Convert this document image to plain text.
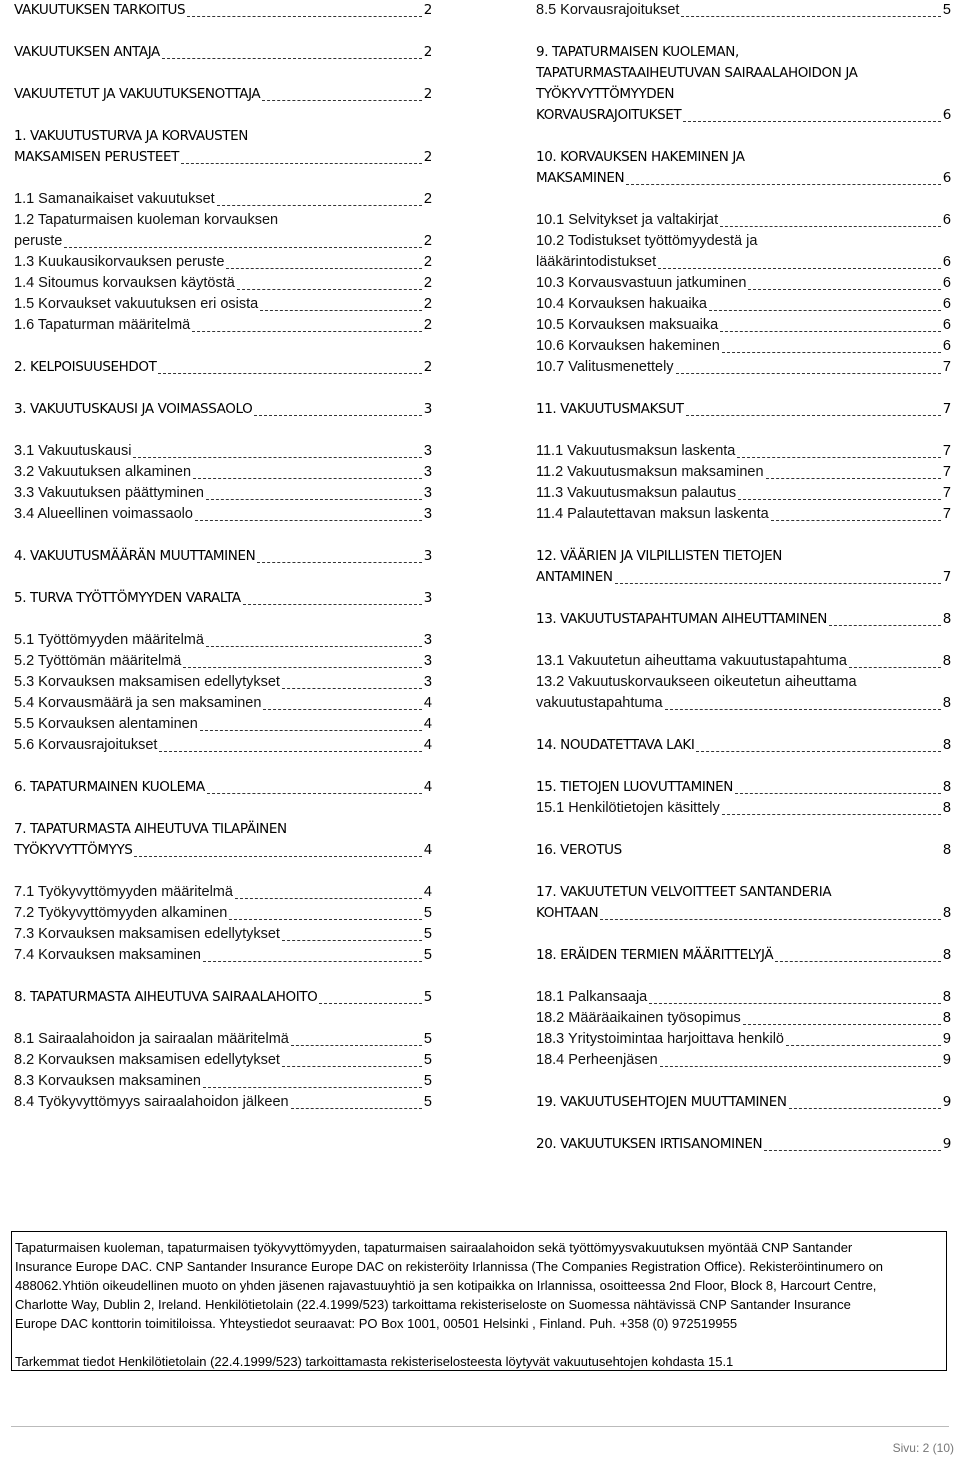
VAKUUTUKSEN TARKOITUS	2
VAKUUTUKSEN ANTAJA	2
VAKUUTETUT JA VAKUUTUKSENOTTAJA	2
1. VAKUUTUSTURVA JA KORVAUSTEN
MAKSAMISEN PERUSTEET	2
1.1 Samanaikaiset vakuutukset	2
1.2 Tapaturmaisen kuoleman korvauksen
peruste	2
1.3 Kuukausikorvauksen peruste	2
1.4 Sitoumus korvauksen käytöstä	2
1.5 Korvaukset vakuutuksen eri osista	2
1.6 Tapaturman määritelmä	2
2. KELPOISUUSEHDOT	2
3. VAKUUTUSKAUSI JA VOIMASSAOLO	3
3.1 Vakuutuskausi	3
3.2 Vakuutuksen alkaminen	3
3.3 Vakuutuksen päättyminen	3
3.4 Alueellinen voimassaolo	3
4. VAKUUTUSMÄÄRÄN MUUTTAMINEN	3
5. TURVA TYÖTTÖMYYDEN VARALTA	3
5.1 Työttömyyden määritelmä	3
5.2 Työttömän määritelmä	3
5.3 Korvauksen maksamisen edellytykset	3
5.4 Korvausmäärä ja sen maksaminen	4
5.5 Korvauksen alentaminen	4
5.6 Korvausrajoitukset	4
6. TAPATURMAINEN KUOLEMA	4
7. TAPATURMASTA AIHEUTUVA TILAPÄINEN
TYÖKYVYTTÖMYYS	4
7.1 Työkyvyttömyyden määritelmä	4
7.2 Työkyvyttömyyden alkaminen	5
7.3 Korvauksen maksamisen edellytykset	5
7.4 Korvauksen maksaminen	5
8. TAPATURMASTA AIHEUTUVA SAIRAALAHOITO	5
8.1 Sairaalahoidon ja sairaalan määritelmä	5
8.2 Korvauksen maksamisen edellytykset	5
8.3 Korvauksen maksaminen	5
8.4 Työkyvyttömyys sairaalahoidon jälkeen	5
8.5 Korvausrajoitukset	5
9. TAPATURMAISEN KUOLEMAN,
TAPATURMASTAAIHEUTUVAN SAIRAALAHOIDON JA
TYÖKYVYTTÖMYYDEN
KORVAUSRAJOITUKSET	6
10. KORVAUKSEN HAKEMINEN JA
MAKSAMINEN	6
10.1 Selvitykset ja valtakirjat	6
10.2 Todistukset työttömyydestä ja
lääkärintodistukset	6
10.3 Korvausvastuun jatkuminen	6
10.4 Korvauksen hakuaika	6
10.5 Korvauksen maksuaika	6
10.6 Korvauksen hakeminen	6
10.7 Valitusmenettely	7
11. VAKUUTUSMAKSUT	7
11.1 Vakuutusmaksun laskenta	7
11.2 Vakuutusmaksun maksaminen	7
11.3 Vakuutusmaksun palautus	7
11.4 Palautettavan maksun laskenta	7
12. VÄÄRIEN JA VILPILLISTEN TIETOJEN
ANTAMINEN	7
13. VAKUUTUSTAPAHTUMAN AIHEUTTAMINEN	8
13.1 Vakuutetun aiheuttama vakuutustapahtuma	8
13.2 Vakuutuskorvaukseen oikeutetun aiheuttama
vakuutustapahtuma	8
14. NOUDATETTAVA LAKI	8
15. TIETOJEN LUOVUTTAMINEN	8
15.1 Henkilötietojen käsittely	8
16. VEROTUS	8
17. VAKUUTETUN VELVOITTEET SANTANDERIA
KOHTAAN	8
18. ERÄIDEN TERMIEN MÄÄRITTELYJÄ	8
18.1 Palkansaaja	8
18.2 Määräaikainen työsopimus	8
18.3 Yritystoimintaa harjoittava henkilö	9
18.4 Perheenjäsen	9
19. VAKUUTUSEHTOJEN MUUTTAMINEN	9
20. VAKUUTUKSEN IRTISANOMINEN	9

Tapaturmaisen kuoleman, tapaturmaisen työkyvyttömyyden, tapaturmaisen sairaalahoidon sekä työttömyysvakuutuksen myöntää CNP Santander

Insurance Europe DAC. CNP Santander Insurance Europe DAC on rekisteröity Irlannissa (The Companies Registration Office). Rekisteröintinumero on

488062.Yhtiön oikeudellinen muoto on yhden jäsenen rajavastuuyhtiö ja sen kotipaikka on Irlannissa, osoitteessa 2nd Floor, Block 8, Harcourt Centre,

Charlotte Way, Dublin 2, Ireland. Henkilötietolain (22.4.1999/523) tarkoittama rekisteriseloste on Suomessa nähtävissä CNP Santander Insurance

Europe DAC konttorin toimitiloissa. Yhteystiedot seuraavat: PO Box 1001, 00501 Helsinki , Finland. Puh. +358 (0) 972519955

Tarkemmat tiedot Henkilötietolain (22.4.1999/523) tarkoittamasta rekisteriselosteesta löytyvät vakuutusehtojen kohdasta 15.1

Sivu: 2 (10)
